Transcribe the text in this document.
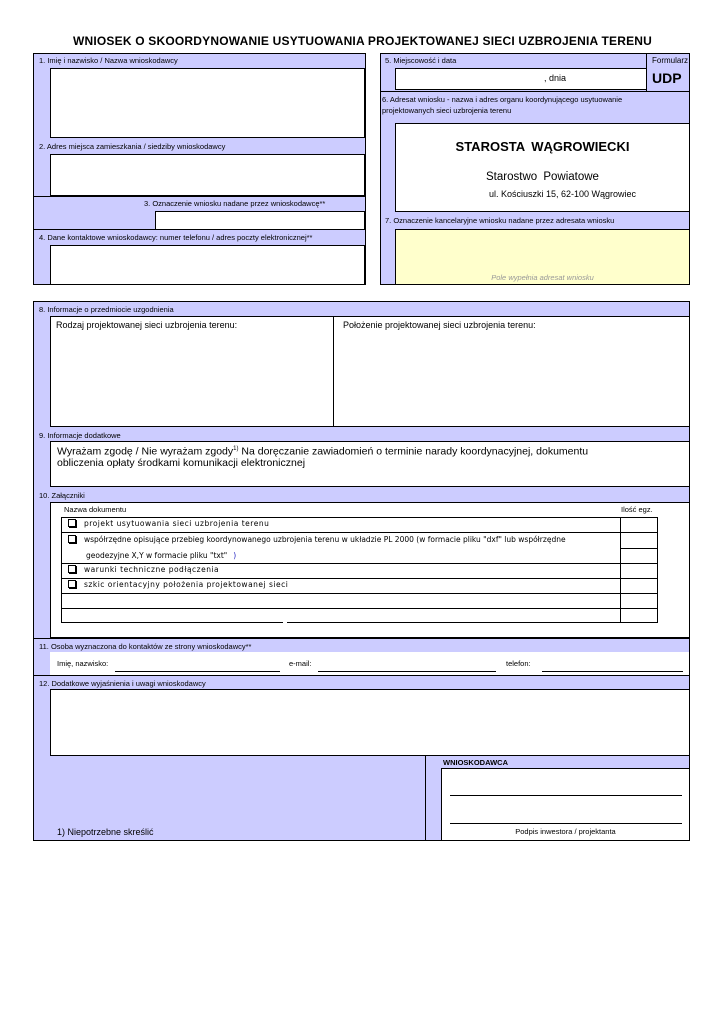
WNIOSEK O SKOORDYNOWANIE USYTUOWANIA PROJEKTOWANEJ SIECI UZBROJENIA TERENU
1. Imię i nazwisko / Nazwa wnioskodawcy
2. Adres miejsca zamieszkania / siedziby wnioskodawcy
3. Oznaczenie wniosku nadane przez wnioskodawcę**
4. Dane kontaktowe wnioskodawcy: numer telefonu / adres poczty elektronicznej**
5. Miejscowość i data
, dnia
Formularz
UDP
6. Adresat wniosku - nazwa i adres organu koordynującego usytuowanie projektowanych sieci uzbrojenia terenu
STAROSTA WĄGROWIECKI
Starostwo Powiatowe
ul. Kościuszki 15, 62-100 Wągrowiec
7. Oznaczenie kancelaryjne wniosku nadane przez adresata wniosku
Pole wypełnia adresat wniosku
8. Informacje o przedmiocie uzgodnienia
Rodzaj projektowanej sieci uzbrojenia terenu:	Położenie projektowanej sieci uzbrojenia terenu:
9. Informacje dodatkowe
Wyrażam zgodę / Nie wyrażam zgody$^{1)}$ Na doręczanie zawiadomień o terminie narady koordynacyjnej, dokumentu
obliczenia opłaty środkami komunikacji elektronicznej
10. Załączniki
Nazwa dokumentu	Ilość egz.
projekt usytuowania sieci uzbrojenia terenu
współrzędne opisujące przebieg koordynowanego uzbrojenia terenu w układzie PL 2000 (w formacie pliku "dxf" lub współrzędne
geodezyjne X,Y w formacie pliku "txt" )
warunki techniczne podłączenia
szkic orientacyjny położenia projektowanej sieci
11. Osoba wyznaczona do kontaktów ze strony wnioskodawcy**
Imię, nazwisko:	e-mail:	telefon:
12. Dodatkowe wyjaśnienia i uwagi wnioskodawcy
WNIOSKODAWCA
Podpis inwestora / projektanta
1) Niepotrzebne skreślić
